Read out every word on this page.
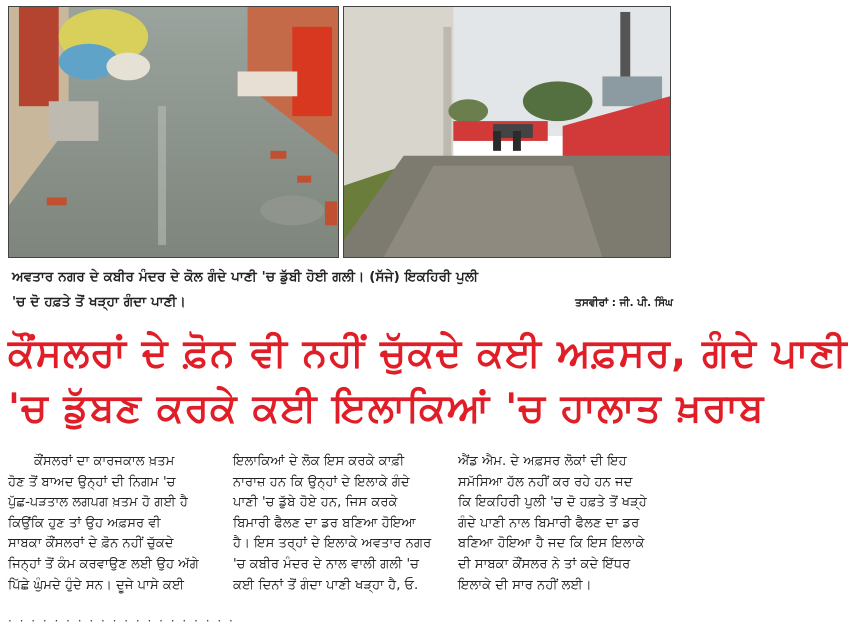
ਅਵਤਾਰ ਨਗਰ ਦੇ ਕਬੀਰ ਮੰਦਰ ਦੇ ਕੋਲ ਗੰਦੇ ਪਾਣੀ 'ਚ ਡੁੱਬੀ ਹੋਈ ਗਲੀ। (ਸੱਜੇ) ਇਕਹਿਰੀ ਪੁਲੀ
'ਚ ਦੋ ਹਫ਼ਤੇ ਤੋਂ ਖੜ੍ਹਾ ਗੰਦਾ ਪਾਣੀ।	ਤਸਵੀਰਾਂ : ਜੀ. ਪੀ. ਸਿੰਘ
ਕੌਂਸਲਰਾਂ ਦੇ ਫ਼ੋਨ ਵੀ ਨਹੀਂ ਚੁੱਕਦੇ ਕਈ ਅਫ਼ਸਰ, ਗੰਦੇ ਪਾਣੀ
'ਚ ਡੁੱਬਣ ਕਰਕੇ ਕਈ ਇਲਾਕਿਆਂ 'ਚ ਹਾਲਾਤ ਖ਼ਰਾਬ
ਕੌਂਸਲਰਾਂ ਦਾ ਕਾਰਜਕਾਲ ਖ਼ਤਮ
ਹੋਣ ਤੋਂ ਬਾਅਦ ਉਨ੍ਹਾਂ ਦੀ ਨਿਗਮ 'ਚ
ਪੁੱਛ-ਪੜਤਾਲ ਲਗਪਗ ਖ਼ਤਮ ਹੋ ਗਈ ਹੈ
ਕਿਉਂਕਿ ਹੁਣ ਤਾਂ ਉਹ ਅਫ਼ਸਰ ਵੀ
ਸਾਬਕਾ ਕੌਂਸਲਰਾਂ ਦੇ ਫ਼ੋਨ ਨਹੀਂ ਚੁੱਕਦੇ
ਜਿਨ੍ਹਾਂ ਤੋਂ ਕੰਮ ਕਰਵਾਉਣ ਲਈ ਉਹ ਅੱਗੇ
ਪਿੱਛੇ ਘੁੰਮਦੇ ਹੁੰਦੇ ਸਨ। ਦੂਜੇ ਪਾਸੇ ਕਈ
ਇਲਾਕਿਆਂ ਦੇ ਲੋਕ ਇਸ ਕਰਕੇ ਕਾਫ਼ੀ
ਨਾਰਾਜ਼ ਹਨ ਕਿ ਉਨ੍ਹਾਂ ਦੇ ਇਲਾਕੇ ਗੰਦੇ
ਪਾਣੀ 'ਚ ਡੁੱਬੇ ਹੋਏ ਹਨ, ਜਿਸ ਕਰਕੇ
ਬਿਮਾਰੀ ਫੈਲਣ ਦਾ ਡਰ ਬਣਿਆ ਹੋਇਆ
ਹੈ। ਇਸ ਤਰ੍ਹਾਂ ਦੇ ਇਲਾਕੇ ਅਵਤਾਰ ਨਗਰ
'ਚ ਕਬੀਰ ਮੰਦਰ ਦੇ ਨਾਲ ਵਾਲੀ ਗਲੀ 'ਚ
ਕਈ ਦਿਨਾਂ ਤੋਂ ਗੰਦਾ ਪਾਣੀ ਖੜ੍ਹਾ ਹੈ, ਓ.
ਐਂਡ ਐਮ. ਦੇ ਅਫ਼ਸਰ ਲੋਕਾਂ ਦੀ ਇਹ
ਸਮੱਸਿਆ ਹੱਲ ਨਹੀਂ ਕਰ ਰਹੇ ਹਨ ਜਦ
ਕਿ ਇਕਹਿਰੀ ਪੁਲੀ 'ਚ ਦੋ ਹਫ਼ਤੇ ਤੋਂ ਖੜ੍ਹੇ
ਗੰਦੇ ਪਾਣੀ ਨਾਲ ਬਿਮਾਰੀ ਫੈਲਣ ਦਾ ਡਰ
ਬਣਿਆ ਹੋਇਆ ਹੈ ਜਦ ਕਿ ਇਸ ਇਲਾਕੇ
ਦੀ ਸਾਬਕਾ ਕੌਂਸਲਰ ਨੇ ਤਾਂ ਕਦੇ ਇੱਧਰ
ਇਲਾਕੇ ਦੀ ਸਾਰ ਨਹੀਂ ਲਈ।
· · · · · · · · · · · · · · · · · · · ·
